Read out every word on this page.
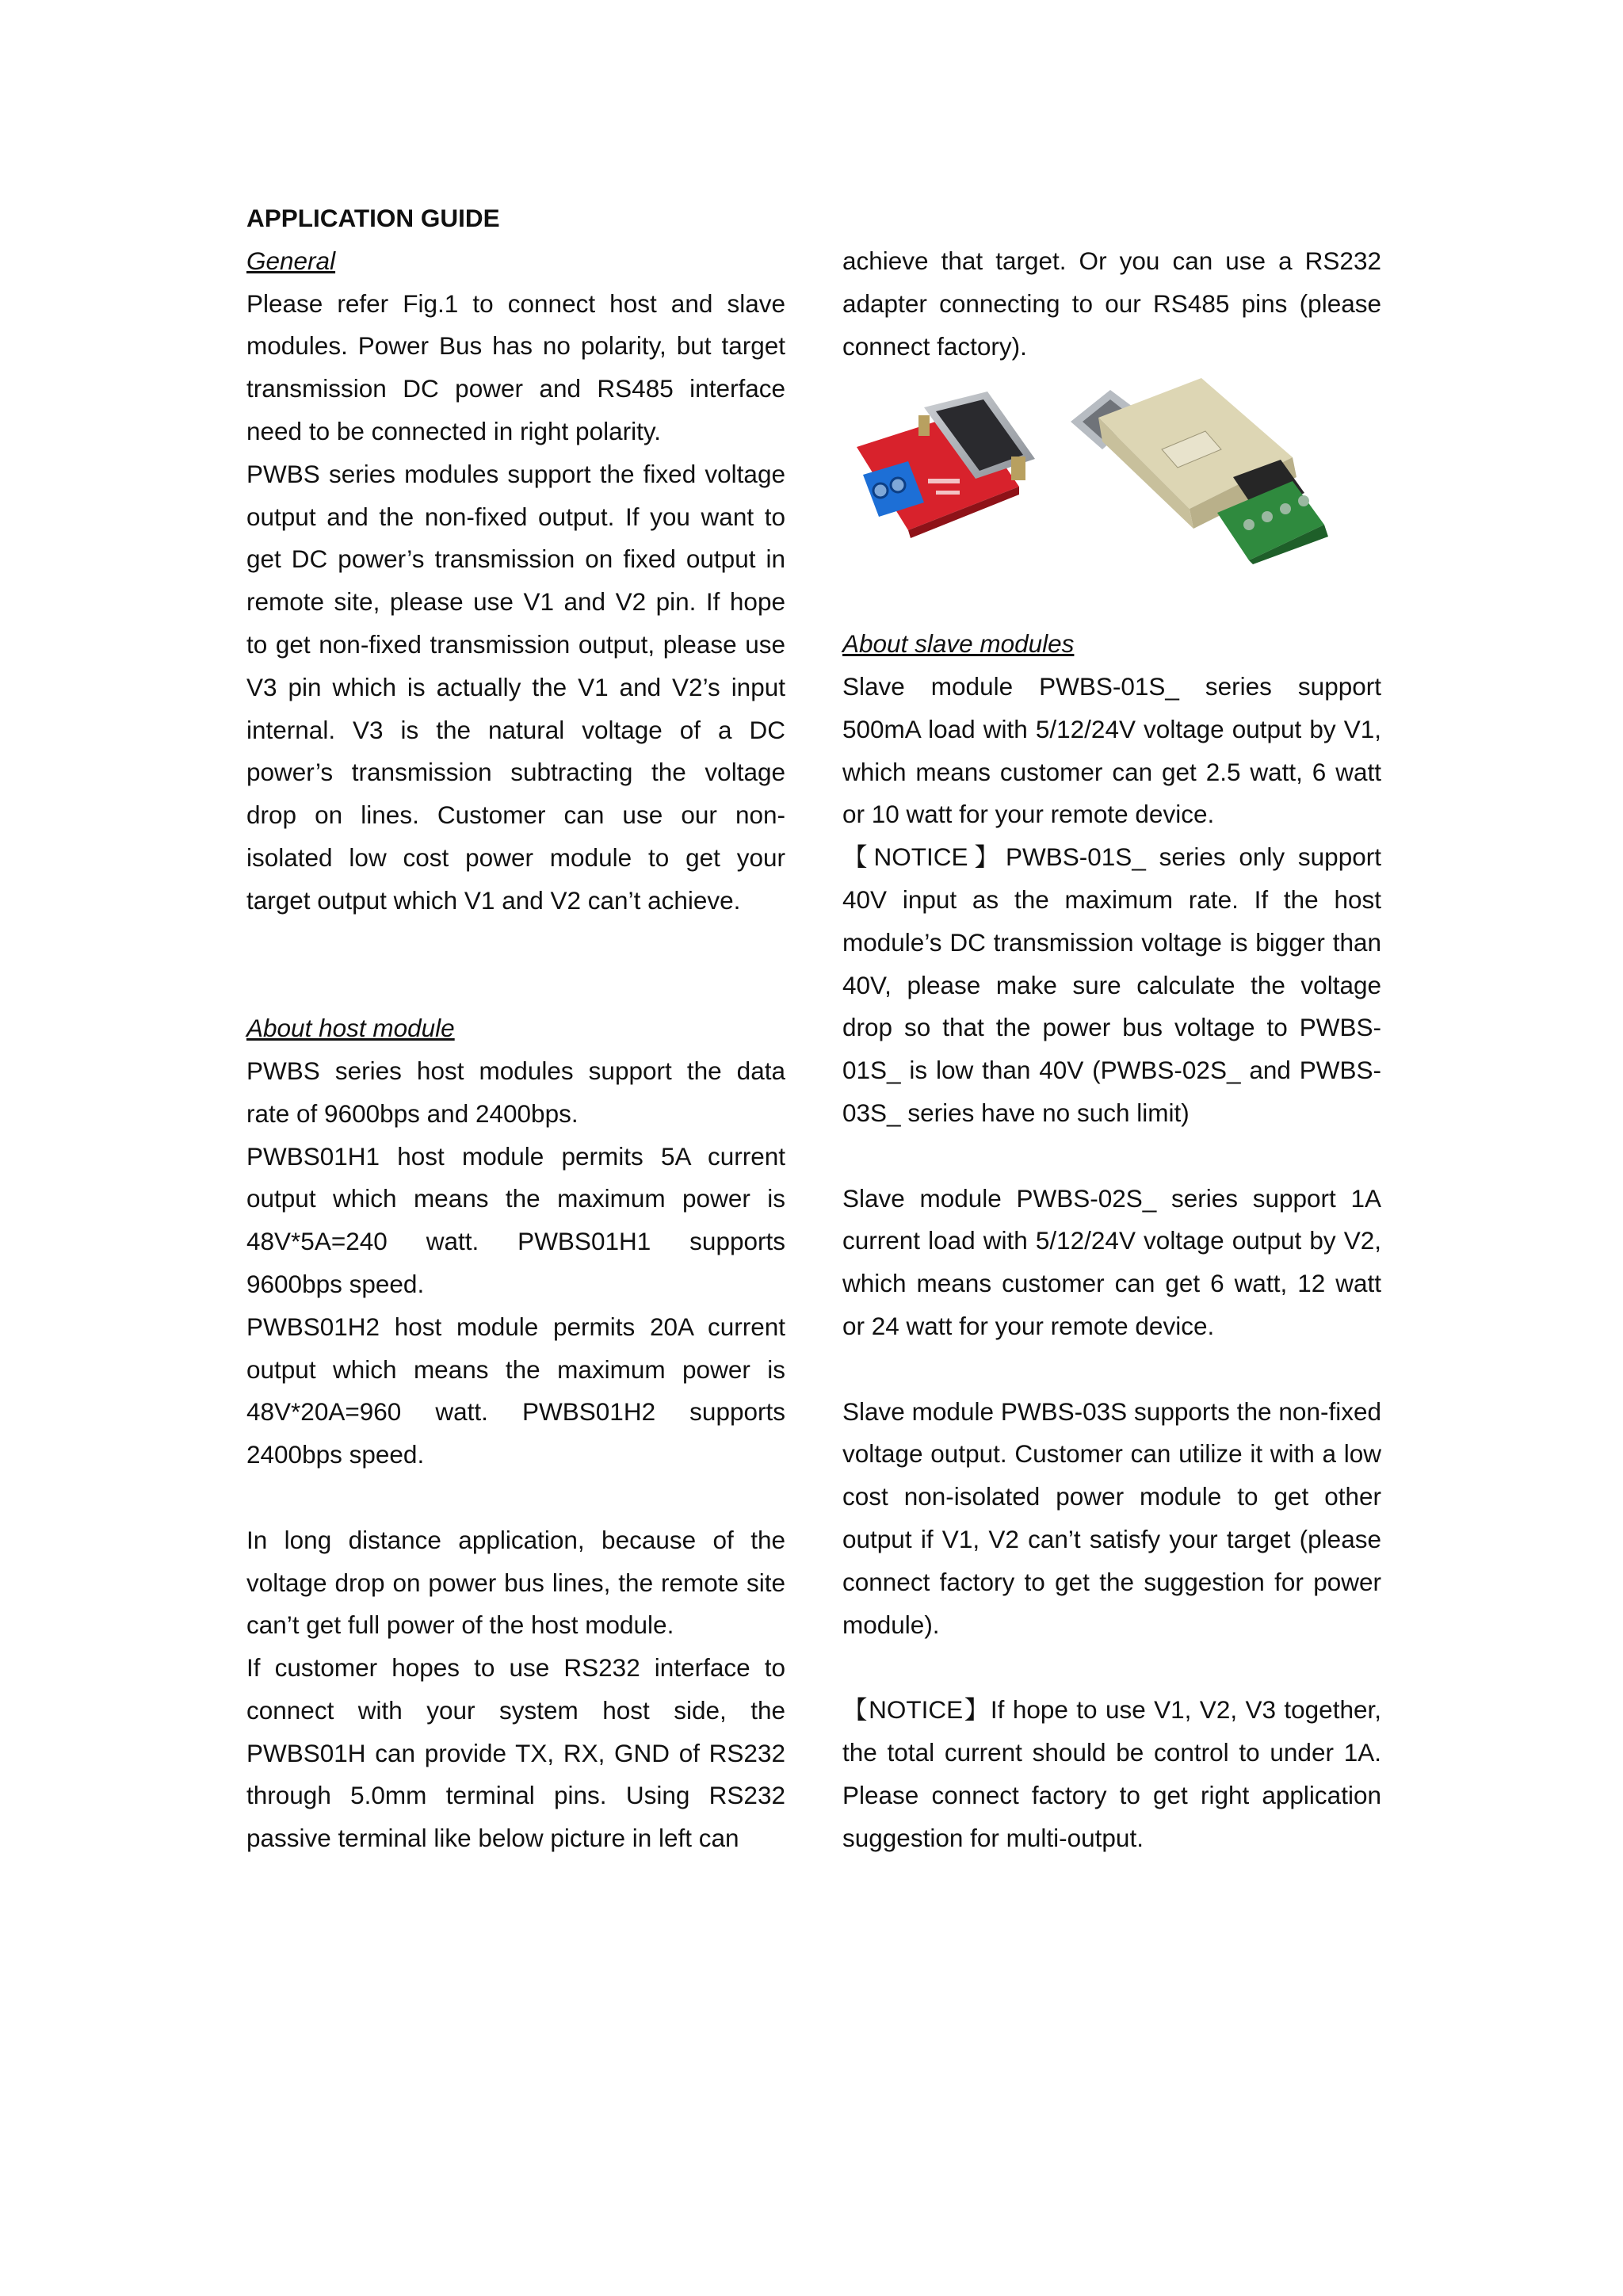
APPLICATION GUIDE

General

Please refer Fig.1 to connect host and slave modules. Power Bus has no polarity, but target transmission DC power and RS485 interface need to be connected in right polarity.

PWBS series modules support the fixed voltage output and the non-fixed output. If you want to get DC power’s transmission on fixed output in remote site, please use V1 and V2 pin. If hope to get non-fixed transmission output, please use V3 pin which is actually the V1 and V2’s input internal. V3 is the natural voltage of a DC power’s transmission subtracting the voltage drop on lines. Customer can use our non-isolated low cost power module to get your target output which V1 and V2 can’t achieve.

About host module

PWBS series host modules support the data rate of 9600bps and 2400bps.

PWBS01H1 host module permits 5A current output which means the maximum power is 48V*5A=240 watt. PWBS01H1 supports 9600bps speed.

PWBS01H2 host module permits 20A current output which means the maximum power is 48V*20A=960 watt. PWBS01H2 supports 2400bps speed.

In long distance application, because of the voltage drop on power bus lines, the remote site can’t get full power of the host module.

If customer hopes to use RS232 interface to connect with your system host side, the PWBS01H can provide TX, RX, GND of RS232 through 5.0mm terminal pins. Using RS232 passive terminal like below picture in left can

achieve that target. Or you can use a RS232 adapter connecting to our RS485 pins (please connect factory).

About slave modules

Slave module PWBS-01S_ series support 500mA load with 5/12/24V voltage output by V1, which means customer can get 2.5 watt, 6 watt or 10 watt for your remote device.

【NOTICE】PWBS-01S_ series only support 40V input as the maximum rate. If the host module’s DC transmission voltage is bigger than 40V, please make sure calculate the voltage drop so that the power bus voltage to PWBS-01S_ is low than 40V (PWBS-02S_ and PWBS-03S_ series have no such limit)

Slave module PWBS-02S_ series support 1A current load with 5/12/24V voltage output by V2, which means customer can get 6 watt, 12 watt or 24 watt for your remote device.

Slave module PWBS-03S supports the non-fixed voltage output. Customer can utilize it with a low cost non-isolated power module to get other output if V1, V2 can’t satisfy your target (please connect factory to get the suggestion for power module).

【NOTICE】If hope to use V1, V2, V3 together, the total current should be control to under 1A. Please connect factory to get right application suggestion for multi-output.
